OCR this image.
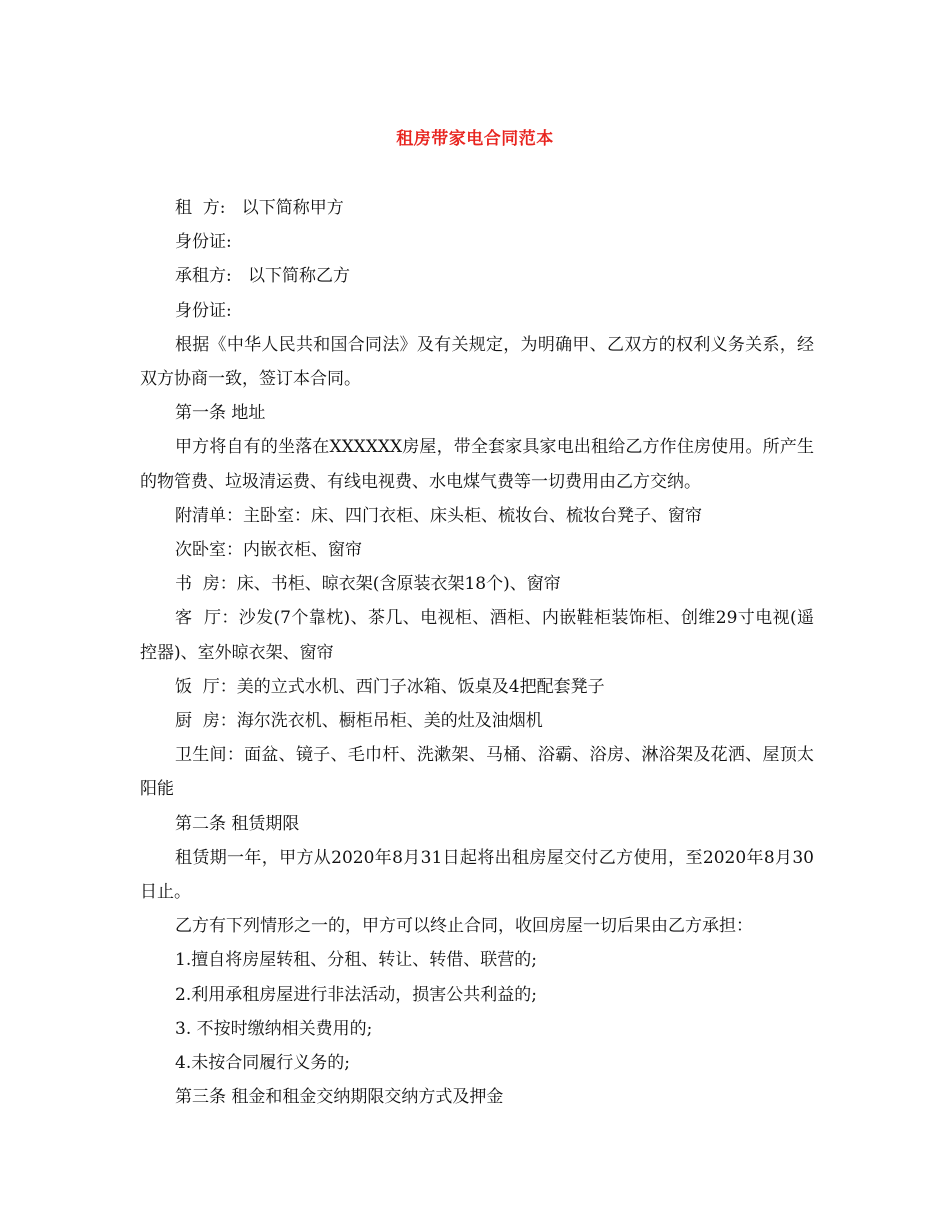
租房带家电合同范本

租  方:   以下简称甲方

身份证:

承租方:   以下简称乙方

身份证:

根据《中华人民共和国合同法》及有关规定，为明确甲、乙双方的权利义务关系，经双方协商一致，签订本合同。

第一条 地址

甲方将自有的坐落在XXXXXX房屋，带全套家具家电出租给乙方作住房使用。所产生的物管费、垃圾清运费、有线电视费、水电煤气费等一切费用由乙方交纳。

附清单：主卧室：床、四门衣柜、床头柜、梳妆台、梳妆台凳子、窗帘

次卧室：内嵌衣柜、窗帘

书  房：床、书柜、晾衣架(含原装衣架18个)、窗帘

客  厅：沙发(7个靠枕)、茶几、电视柜、酒柜、内嵌鞋柜装饰柜、创维29寸电视(遥控器)、室外晾衣架、窗帘

饭  厅：美的立式水机、西门子冰箱、饭桌及4把配套凳子

厨  房：海尔洗衣机、橱柜吊柜、美的灶及油烟机

卫生间：面盆、镜子、毛巾杆、洗漱架、马桶、浴霸、浴房、淋浴架及花洒、屋顶太阳能

第二条 租赁期限

租赁期一年，甲方从2020年8月31日起将出租房屋交付乙方使用，至2020年8月30日止。

乙方有下列情形之一的，甲方可以终止合同，收回房屋一切后果由乙方承担：

1.擅自将房屋转租、分租、转让、转借、联营的;

2.利用承租房屋进行非法活动，损害公共利益的;

3. 不按时缴纳相关费用的;

4.未按合同履行义务的;

第三条 租金和租金交纳期限交纳方式及押金
